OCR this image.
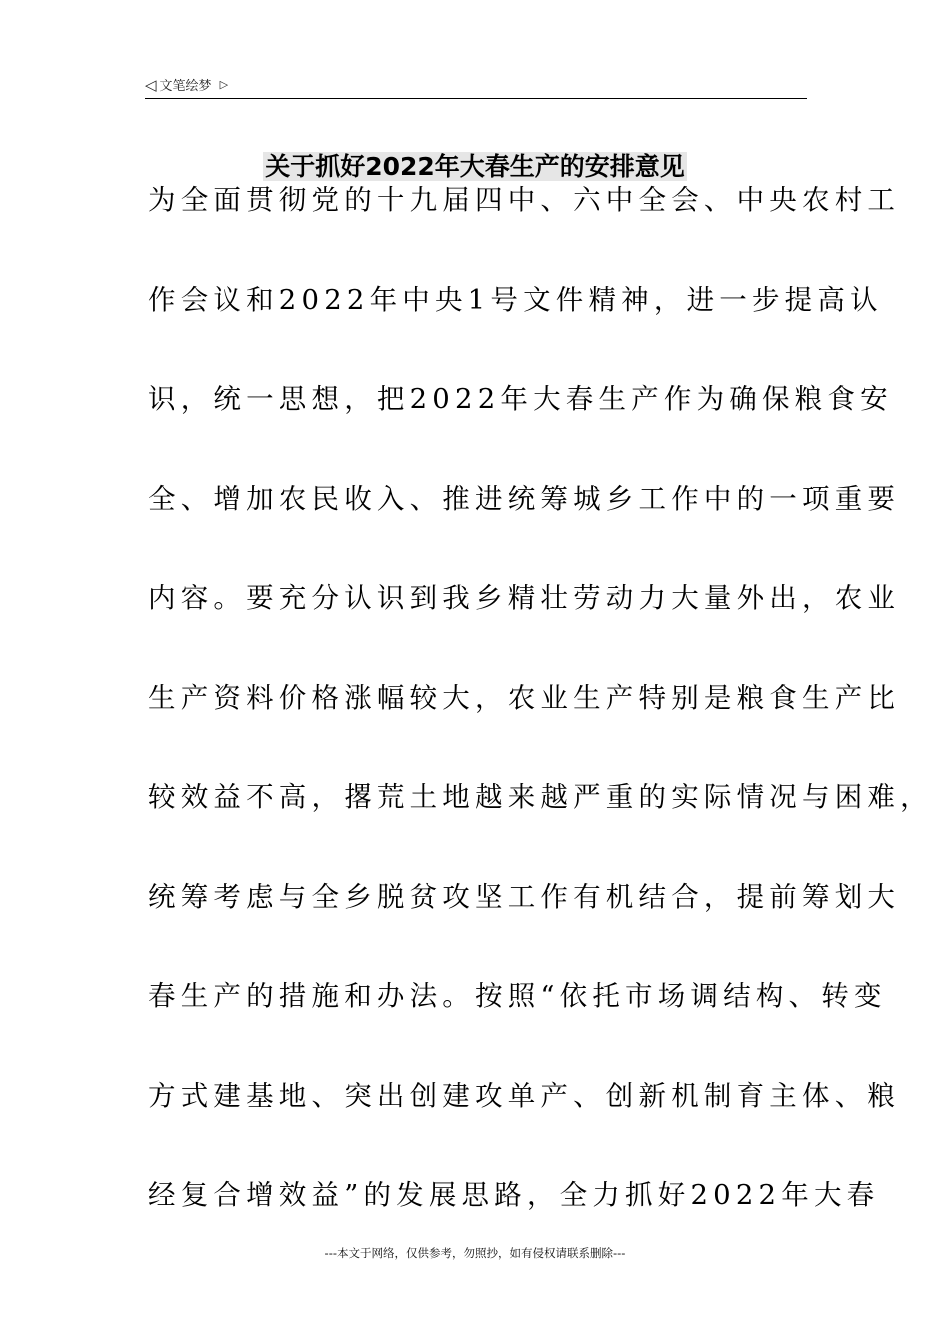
◁ 文笔绘梦 ▷
关于抓好2022年大春生产的安排意见
为全面贯彻党的十九届四中、六中全会、中央农村工
作会议和2022年中央1号文件精神，进一步提高认
识，统一思想，把2022年大春生产作为确保粮食安
全、增加农民收入、推进统筹城乡工作中的一项重要
内容。要充分认识到我乡精壮劳动力大量外出，农业
生产资料价格涨幅较大，农业生产特别是粮食生产比
较效益不高，撂荒土地越来越严重的实际情况与困难，
统筹考虑与全乡脱贫攻坚工作有机结合，提前筹划大
春生产的措施和办法。按照“依托市场调结构、转变
方式建基地、突出创建攻单产、创新机制育主体、粮
经复合增效益”的发展思路，全力抓好2022年大春
---本文于网络，仅供参考，勿照抄，如有侵权请联系删除---
